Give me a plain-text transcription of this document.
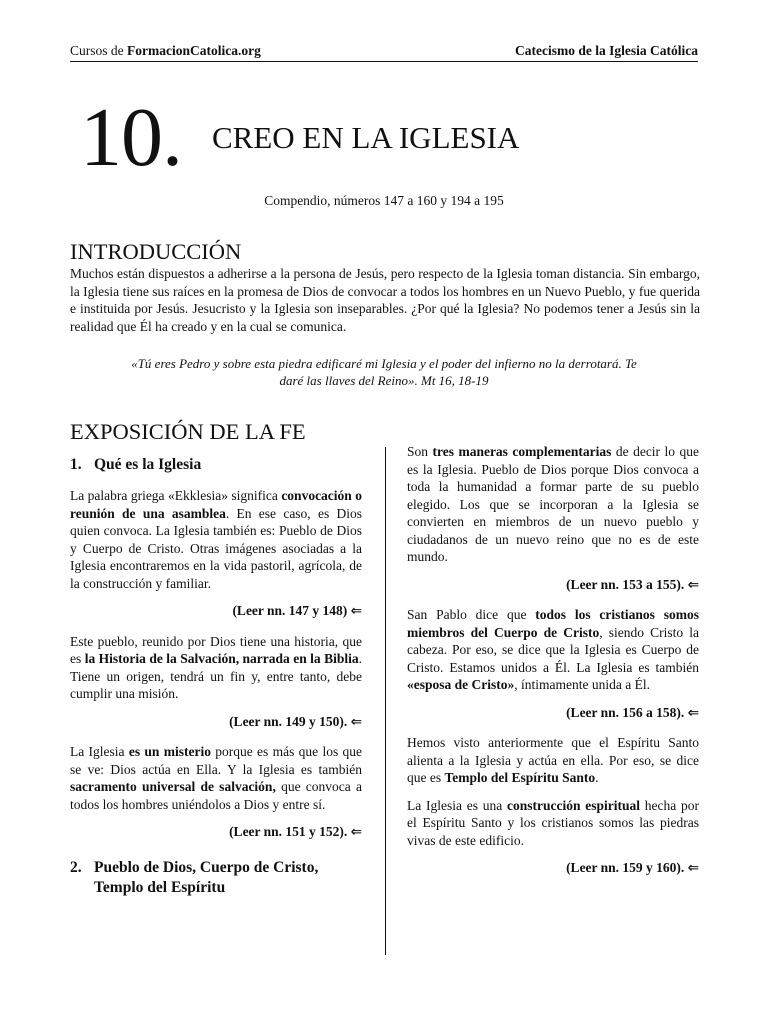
Cursos de FormacionCatolica.org	Catecismo de la Iglesia Católica
10. CREO EN LA IGLESIA
Compendio, números 147 a 160 y 194 a 195
INTRODUCCIÓN
Muchos están dispuestos a adherirse a la persona de Jesús, pero respecto de la Iglesia toman distancia. Sin embargo, la Iglesia tiene sus raíces en la promesa de Dios de convocar a todos los hombres en un Nuevo Pueblo, y fue querida e instituida por Jesús. Jesucristo y la Iglesia son inseparables. ¿Por qué la Iglesia? No podemos tener a Jesús sin la realidad que Él ha creado y en la cual se comunica.
«Tú eres Pedro y sobre esta piedra edificaré mi Iglesia y el poder del infierno no la derrotará. Te daré las llaves del Reino». Mt 16, 18-19
EXPOSICIÓN DE LA FE
1. Qué es la Iglesia

La palabra griega «Ekklesia» significa convocación o reunión de una asamblea. En ese caso, es Dios quien convoca. La Iglesia también es: Pueblo de Dios y Cuerpo de Cristo. Otras imágenes asociadas a la Iglesia encontraremos en la vida pastoril, agrícola, de la construcción y familiar.

(Leer nn. 147 y 148) ⇐

Este pueblo, reunido por Dios tiene una historia, que es la Historia de la Salvación, narrada en la Biblia. Tiene un origen, tendrá un fin y, entre tanto, debe cumplir una misión.

(Leer nn. 149 y 150). ⇐

La Iglesia es un misterio porque es más que los que se ve: Dios actúa en Ella. Y la Iglesia es también sacramento universal de salvación, que convoca a todos los hombres uniéndolos a Dios y entre sí.

(Leer nn. 151 y 152). ⇐
2. Pueblo de Dios, Cuerpo de Cristo, Templo del Espíritu

Son tres maneras complementarias de decir lo que es la Iglesia. Pueblo de Dios porque Dios convoca a toda la humanidad a formar parte de su pueblo elegido. Los que se incorporan a la Iglesia se convierten en miembros de un nuevo pueblo y ciudadanos de un nuevo reino que no es de este mundo.

(Leer nn. 153 a 155). ⇐

San Pablo dice que todos los cristianos somos miembros del Cuerpo de Cristo, siendo Cristo la cabeza. Por eso, se dice que la Iglesia es Cuerpo de Cristo. Estamos unidos a Él. La Iglesia es también «esposa de Cristo», íntimamente unida a Él.

(Leer nn. 156 a 158). ⇐

Hemos visto anteriormente que el Espíritu Santo alienta a la Iglesia y actúa en ella. Por eso, se dice que es Templo del Espíritu Santo.

La Iglesia es una construcción espiritual hecha por el Espíritu Santo y los cristianos somos las piedras vivas de este edificio.

(Leer nn. 159 y 160). ⇐
